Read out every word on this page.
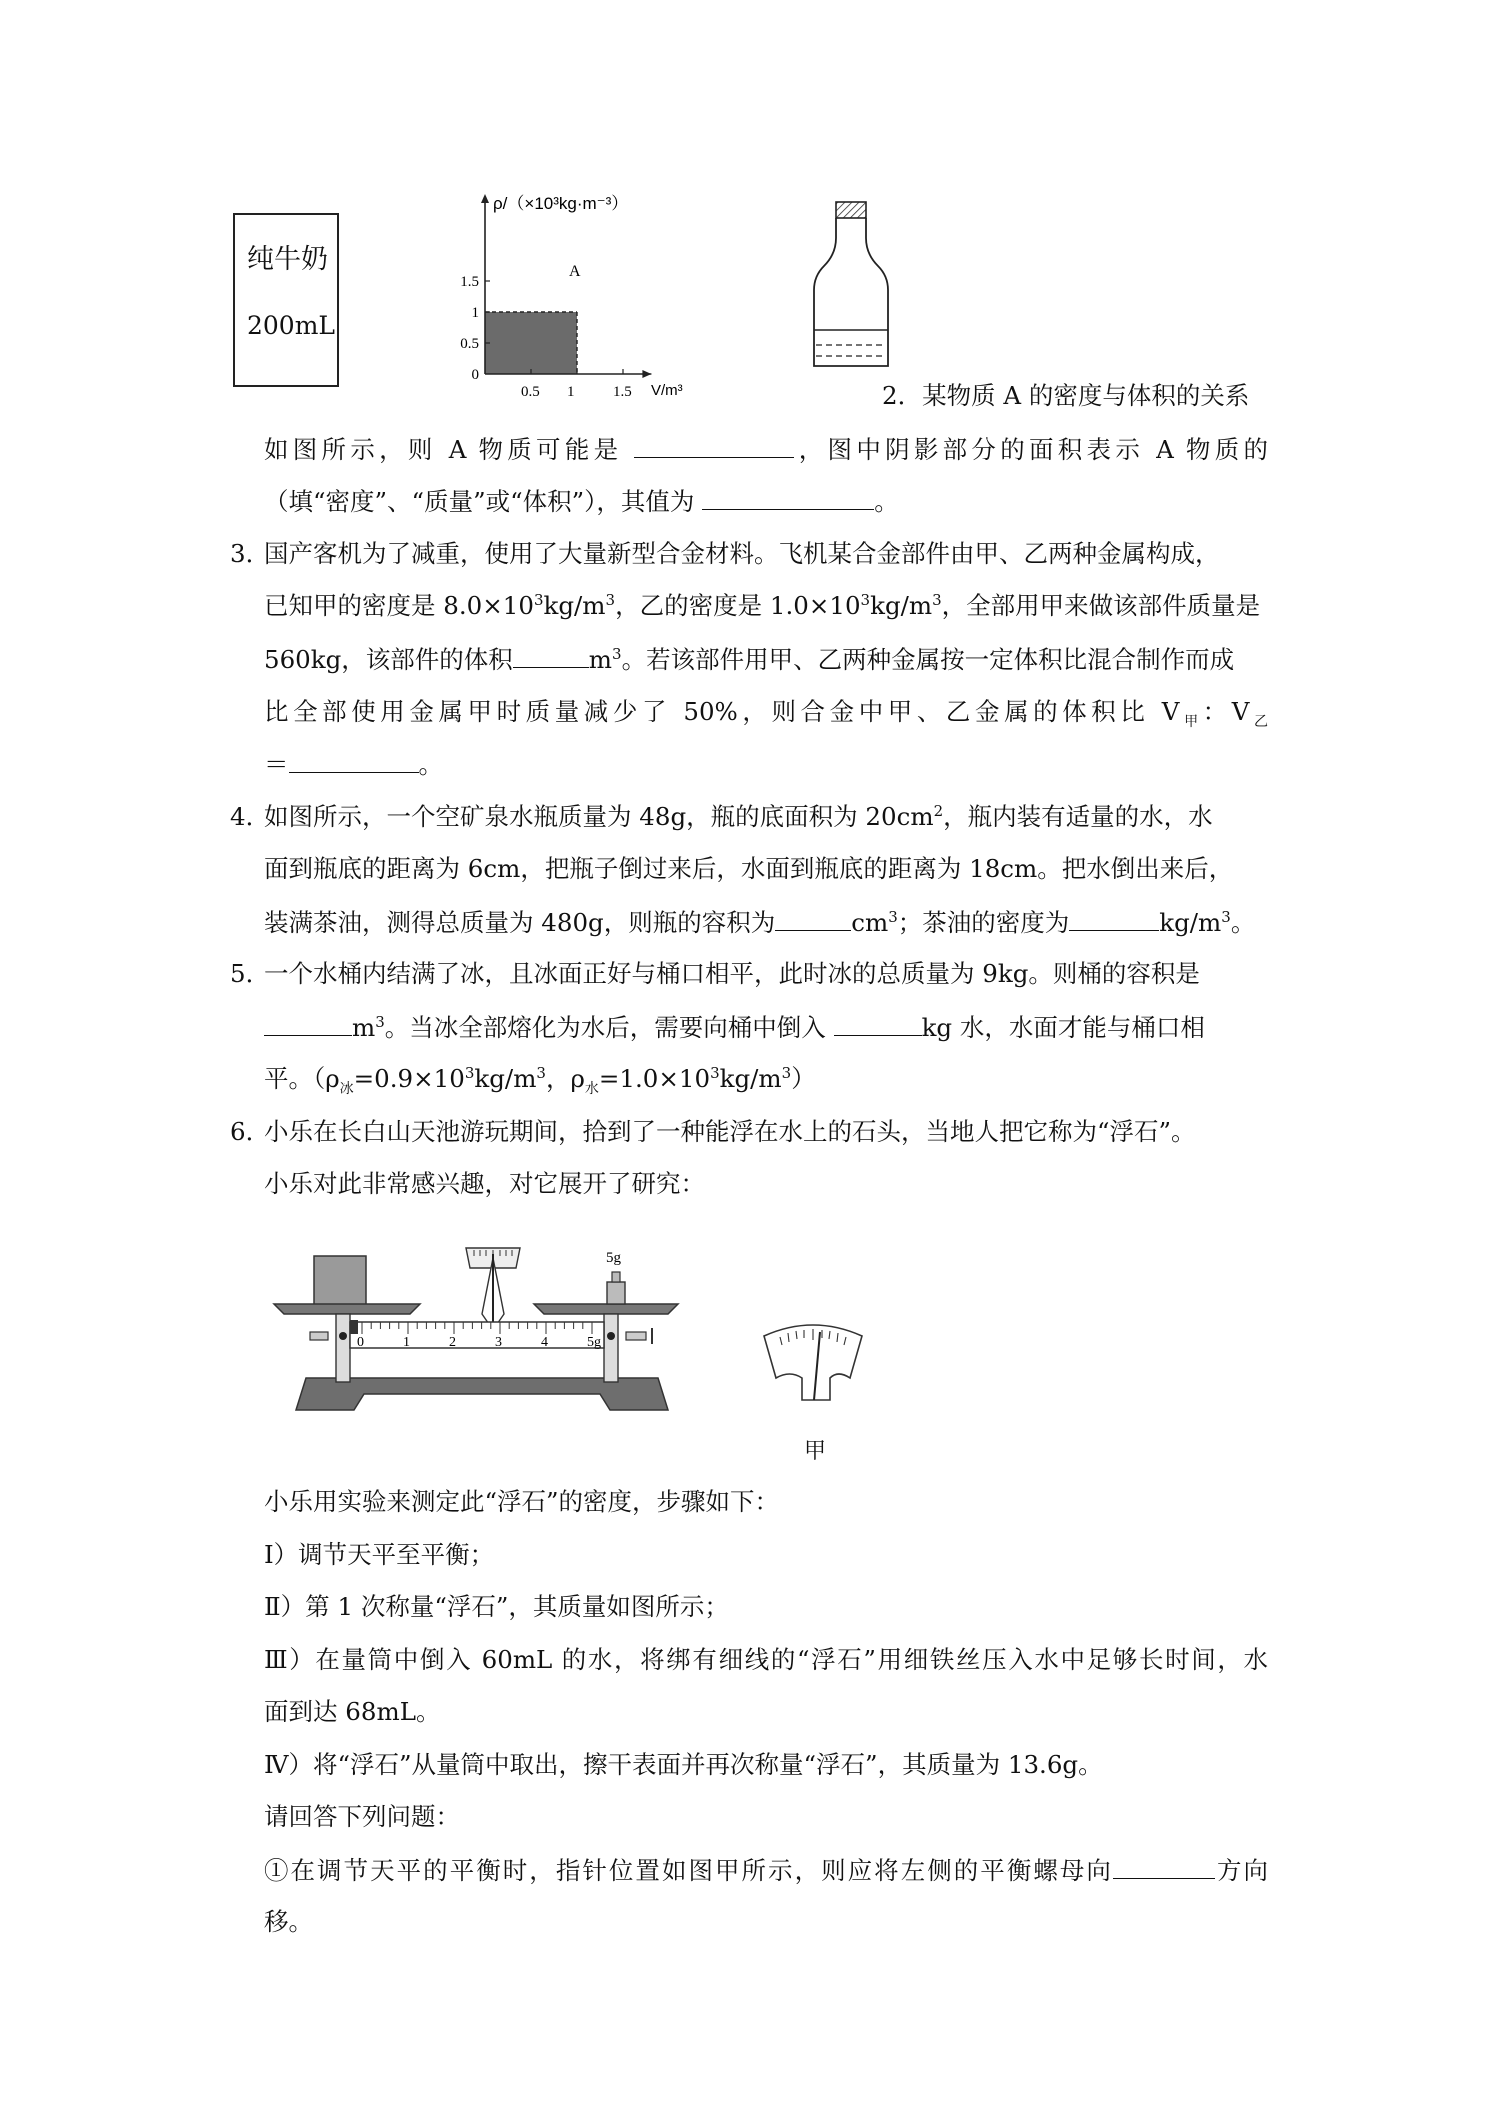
纯牛奶
200mL
0.5 1	1.5
0
0.5
1
1.5
ρ/（×10³kg·m⁻³）
V/m³
A
2．某物质 A 的密度与体积的关系
如图所示，则 A 物质可能是	，图中阴影部分的面积表示 A 物质的
（填“密度”、“质量”或“体积”），其值为	。
3．国产客机为了减重，使用了大量新型合金材料。飞机某合金部件由甲、乙两种金属构成，
已知甲的密度是 $8.0\times 10^3kg/m^3$，乙的密度是 $1.0\times 10^3kg/m^3$，全部用甲来做该部件质量是
560kg，该部件的体积	$m^3$。若该部件用甲、乙两种金属按一定体积比混合制作而成
比全部使用金属甲时质量减少了 50%，则合金中甲、乙金属的体积比 $V_甲$：$V_乙$
＝	。
4．如图所示，一个空矿泉水瓶质量为 48g，瓶的底面积为 $20cm^2$，瓶内装有适量的水，水
面到瓶底的距离为 6cm，把瓶子倒过来后，水面到瓶底的距离为 18cm。把水倒出来后，
装满茶油，测得总质量为 480g，则瓶的容积为	$cm^3$；茶油的密度为	$kg/m^3$。
5．一个水桶内结满了冰，且冰面正好与桶口相平，此时冰的总质量为 9kg。则桶的容积是
$m^3$。当冰全部熔化为水后，需要向桶中倒入	kg 水，水面才能与桶口相
平。（$\rho_冰=0.9\times 10^3kg/m^3$，$\rho_水=1.0\times 10^3kg/m^3$）
6．小乐在长白山天池游玩期间，拾到了一种能浮在水上的石头，当地人把它称为“浮石”。
小乐对此非常感兴趣，对它展开了研究：
5g
0	1	2	3	4	5g
甲
小乐用实验来测定此“浮石”的密度，步骤如下：
Ⅰ）调节天平至平衡；
Ⅱ）第 1 次称量“浮石”，其质量如图所示；
Ⅲ）在量筒中倒入 60mL 的水，将绑有细线的“浮石”用细铁丝压入水中足够长时间，水
面到达 68mL。
Ⅳ）将“浮石”从量筒中取出，擦干表面并再次称量“浮石”，其质量为 13.6g。
请回答下列问题：
①在调节天平的平衡时，指针位置如图甲所示，则应将左侧的平衡螺母向	方向
移。
